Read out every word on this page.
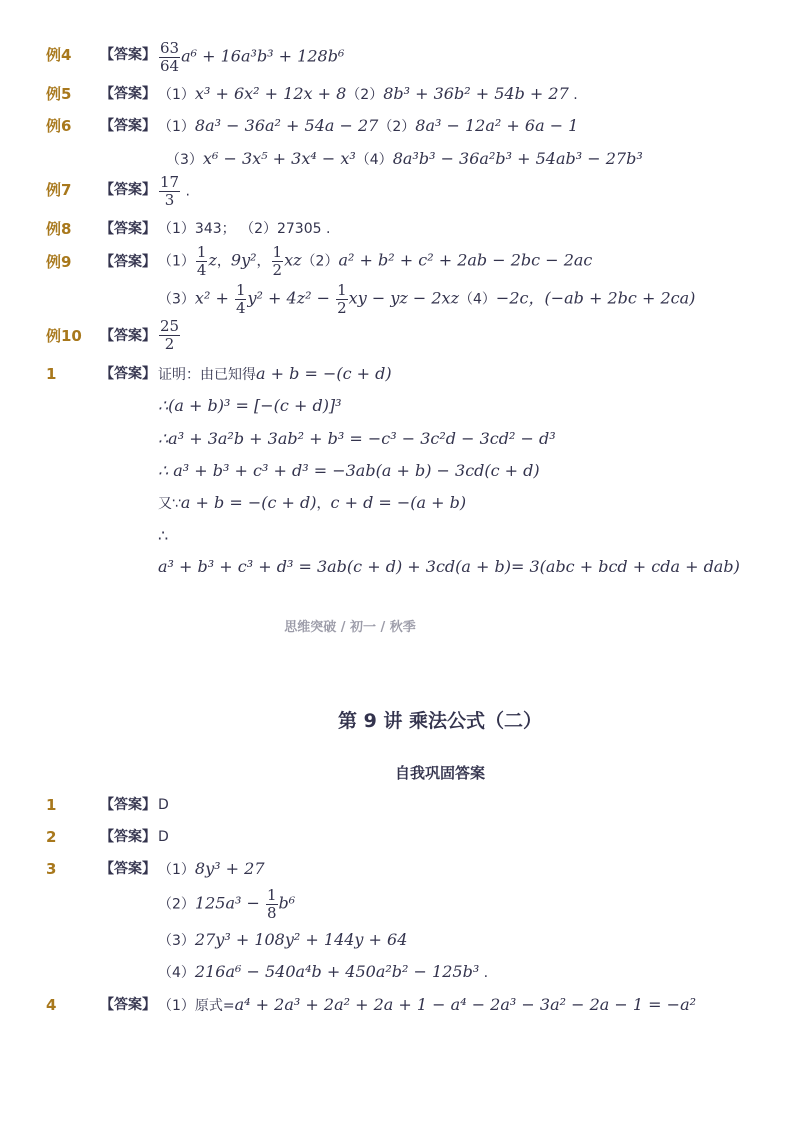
例4 【答案】 $\frac{63}{64} a^6 + 16a^3b^3 + 128b^6$
例5 【答案】 （1）x³ + 6x² + 12x + 8（2）8b³ + 36b² + 54b + 27 .
例6 【答案】 （1）8a³ − 36a² + 54a − 27（2）8a³ − 12a² + 6a − 1
（3）x⁶ − 3x⁵ + 3x⁴ − x³（4）8a³b³ − 36a²b³ + 54ab³ − 27b³
例7 【答案】 $\frac{17}{3}$ .
例8 【答案】 （1）343； （2）27305 .
例9 【答案】 $(1) \frac{1}{4}$ z，9y²， $\frac{1}{2} xz(2)a^2 + b^2 + c^2 + 2ab - 2bc - 2ac$
$(3)x^2 + \frac{1}{4} y^2 + 4z^2 - \frac{1}{2}$ xy − yz − 2xz（4）−2c，(−ab + 2bc + 2ca)
例10 【答案】 $\frac{25}{2}$
1	【答案】 证明：由已知得a + b = −(c + d)
∴(a + b)³ = [−(c + d)]³
∴a³ + 3a²b + 3ab² + b³ = −c³ − 3c²d − 3cd² − d³
∴ a³ + b³ + c³ + d³ = −3ab(a + b) − 3cd(c + d)
又∵a + b = −(c + d)，c + d = −(a + b)
∴
a³ + b³ + c³ + d³ = 3ab(c + d) + 3cd(a + b)= 3(abc + bcd + cda + dab)
思维突破 / 初一 / 秋季
第 9 讲 乘法公式（二）
自我巩固答案
1	【答案】 D
2	【答案】 D
3	【答案】 （1）8y³ + 27
$(2)125a^3 - \frac{1}{8} b^6$
（3）27y³ + 108y² + 144y + 64
（4）216a⁶ − 540a⁴b + 450a²b² − 125b³ .
4	【答案】 （1）原式=a⁴ + 2a³ + 2a² + 2a + 1 − a⁴ − 2a³ − 3a² − 2a − 1 = −a²
